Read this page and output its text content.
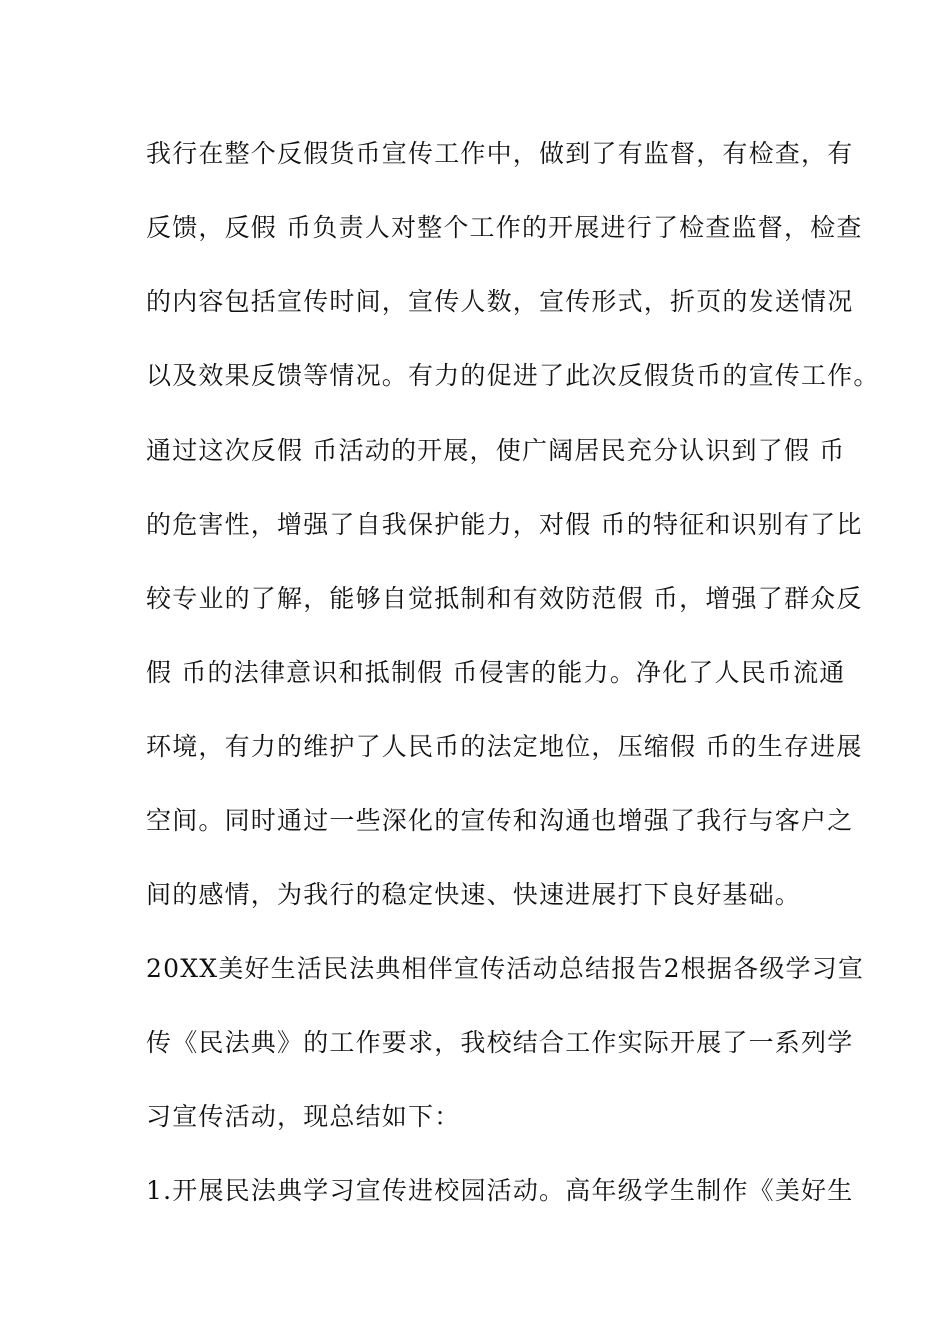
我行在整个反假货币宣传工作中，做到了有监督，有检查，有
反馈，反假 币负责人对整个工作的开展进行了检查监督，检查
的内容包括宣传时间，宣传人数，宣传形式，折页的发送情况
以及效果反馈等情况。有力的促进了此次反假货币的宣传工作。
通过这次反假 币活动的开展，使广阔居民充分认识到了假 币
的危害性，增强了自我保护能力，对假 币的特征和识别有了比
较专业的了解，能够自觉抵制和有效防范假 币，增强了群众反
假 币的法律意识和抵制假 币侵害的能力。净化了人民币流通
环境，有力的维护了人民币的法定地位，压缩假 币的生存进展
空间。同时通过一些深化的宣传和沟通也增强了我行与客户之
间的感情，为我行的稳定快速、快速进展打下良好基础。
20XX美好生活民法典相伴宣传活动总结报告2根据各级学习宣
传《民法典》的工作要求，我校结合工作实际开展了一系列学
习宣传活动，现总结如下：
1.开展民法典学习宣传进校园活动。高年级学生制作《美好生
